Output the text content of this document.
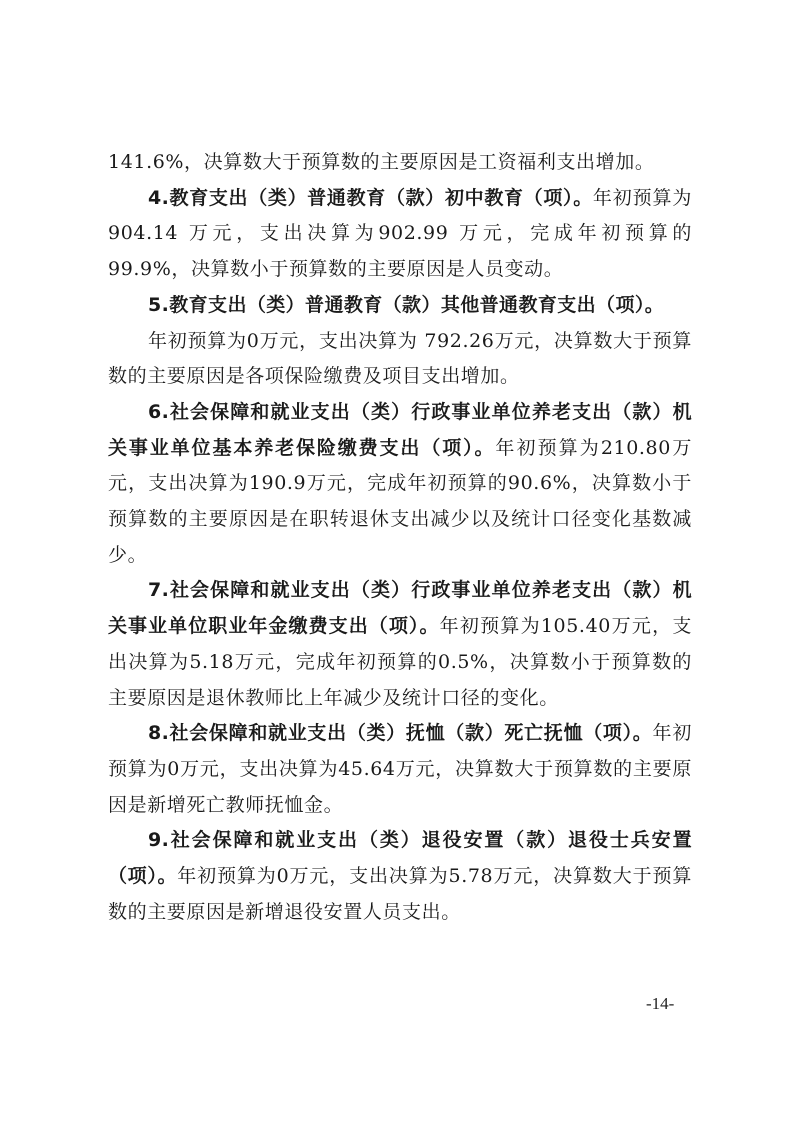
141.6%，决算数大于预算数的主要原因是工资福利支出增加。

4.教育支出（类）普通教育（款）初中教育（项）。年初预算为 904.14 万元，支出决算为902.99 万元，完成年初预算的99.9%，决算数小于预算数的主要原因是人员变动。

5.教育支出（类）普通教育（款）其他普通教育支出（项）。

年初预算为0万元，支出决算为 792.26万元，决算数大于预算数的主要原因是各项保险缴费及项目支出增加。

6.社会保障和就业支出（类）行政事业单位养老支出（款）机关事业单位基本养老保险缴费支出（项）。年初预算为210.80万元，支出决算为190.9万元，完成年初预算的90.6%，决算数小于预算数的主要原因是在职转退休支出减少以及统计口径变化基数减少。

7.社会保障和就业支出（类）行政事业单位养老支出（款）机关事业单位职业年金缴费支出（项）。年初预算为105.40万元，支出决算为5.18万元，完成年初预算的0.5%，决算数小于预算数的主要原因是退休教师比上年减少及统计口径的变化。

8.社会保障和就业支出（类）抚恤（款）死亡抚恤（项）。年初预算为0万元，支出决算为45.64万元，决算数大于预算数的主要原因是新增死亡教师抚恤金。

9.社会保障和就业支出（类）退役安置（款）退役士兵安置（项）。年初预算为0万元，支出决算为5.78万元，决算数大于预算数的主要原因是新增退役安置人员支出。

-14-
